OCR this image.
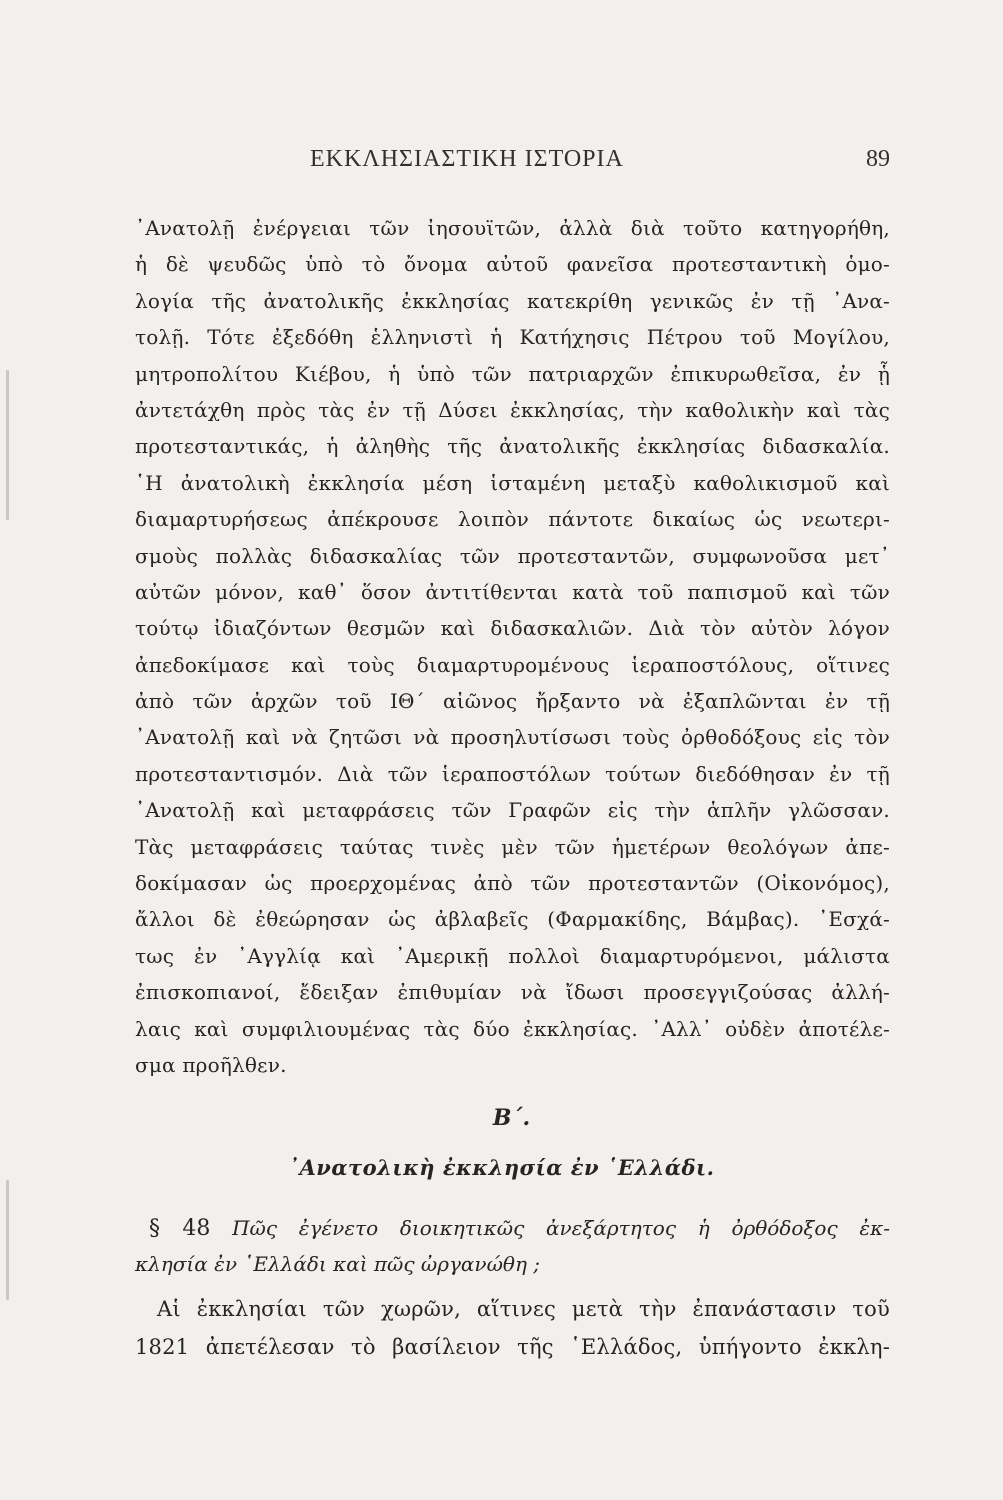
ΕΚΚΛΗΣΙΑΣΤΙΚΗ ΙΣΤΟΡΙΑ	89
᾿Ανατολῇ ἐνέργειαι τῶν ἰησουϊτῶν, ἀλλὰ διὰ τοῦτο κατηγορήθη,
ἡ δὲ ψευδῶς ὑπὸ τὸ ὄνομα αὐτοῦ φανεῖσα προτεσταντικὴ ὁμο-
λογία τῆς ἀνατολικῆς ἐκκλησίας κατεκρίθη γενικῶς ἐν τῇ ᾿Ανα-
τολῇ. Τότε ἐξεδόθη ἑλληνιστὶ ἡ Κατήχησις Πέτρου τοῦ Μογίλου,
μητροπολίτου Κιέβου, ἡ ὑπὸ τῶν πατριαρχῶν ἐπικυρωθεῖσα, ἐν ᾗ
ἀντετάχθη πρὸς τὰς ἐν τῇ Δύσει ἐκκλησίας, τὴν καθολικὴν καὶ τὰς
προτεσταντικάς, ἡ ἀληθὴς τῆς ἀνατολικῆς ἐκκλησίας διδασκαλία.
῾Η ἀνατολικὴ ἐκκλησία μέση ἱσταμένη μεταξὺ καθολικισμοῦ καὶ
διαμαρτυρήσεως ἀπέκρουσε λοιπὸν πάντοτε δικαίως ὡς νεωτερι-
σμοὺς πολλὰς διδασκαλίας τῶν προτεσταντῶν, συμφωνοῦσα μετ᾿
αὐτῶν μόνον, καθ᾿ ὅσον ἀντιτίθενται κατὰ τοῦ παπισμοῦ καὶ τῶν
τούτῳ ἰδιαζόντων θεσμῶν καὶ διδασκαλιῶν. Διὰ τὸν αὐτὸν λόγον
ἀπεδοκίμασε καὶ τοὺς διαμαρτυρομένους ἱεραποστόλους, οἵτινες
ἀπὸ τῶν ἀρχῶν τοῦ ΙΘ´ αἰῶνος ἤρξαντο νὰ ἐξαπλῶνται ἐν τῇ
᾿Ανατολῇ καὶ νὰ ζητῶσι νὰ προσηλυτίσωσι τοὺς ὀρθοδόξους εἰς τὸν
προτεσταντισμόν. Διὰ τῶν ἱεραποστόλων τούτων διεδόθησαν ἐν τῇ
᾿Ανατολῇ καὶ μεταφράσεις τῶν Γραφῶν εἰς τὴν ἁπλῆν γλῶσσαν.
Τὰς μεταφράσεις ταύτας τινὲς μὲν τῶν ἡμετέρων θεολόγων ἀπε-
δοκίμασαν ὡς προερχομένας ἀπὸ τῶν προτεσταντῶν (Οἰκονόμος),
ἄλλοι δὲ ἐθεώρησαν ὡς ἀβλαβεῖς (Φαρμακίδης, Βάμβας). ᾿Εσχά-
τως ἐν ᾿Αγγλίᾳ καὶ ᾿Αμερικῇ πολλοὶ διαμαρτυρόμενοι, μάλιστα
ἐπισκοπιανοί, ἔδειξαν ἐπιθυμίαν νὰ ἴδωσι προσεγγιζούσας ἀλλή-
λαις καὶ συμφιλιουμένας τὰς δύο ἐκκλησίας. ᾿Αλλ᾿ οὐδὲν ἀποτέλε-
σμα προῆλθεν.
Β΄.
᾿Ανατολικὴ ἐκκλησία ἐν ῾Ελλάδι.
§ 48 Πῶς ἐγένετο διοικητικῶς ἀνεξάρτητος ἡ ὀρθόδοξος ἐκ-
κλησία ἐν ῾Ελλάδι καὶ πῶς ὠργανώθη ;
Αἱ ἐκκλησίαι τῶν χωρῶν, αἵτινες μετὰ τὴν ἐπανάστασιν τοῦ
1821 ἀπετέλεσαν τὸ βασίλειον τῆς ῾Ελλάδος, ὑπήγοντο ἐκκλη-
